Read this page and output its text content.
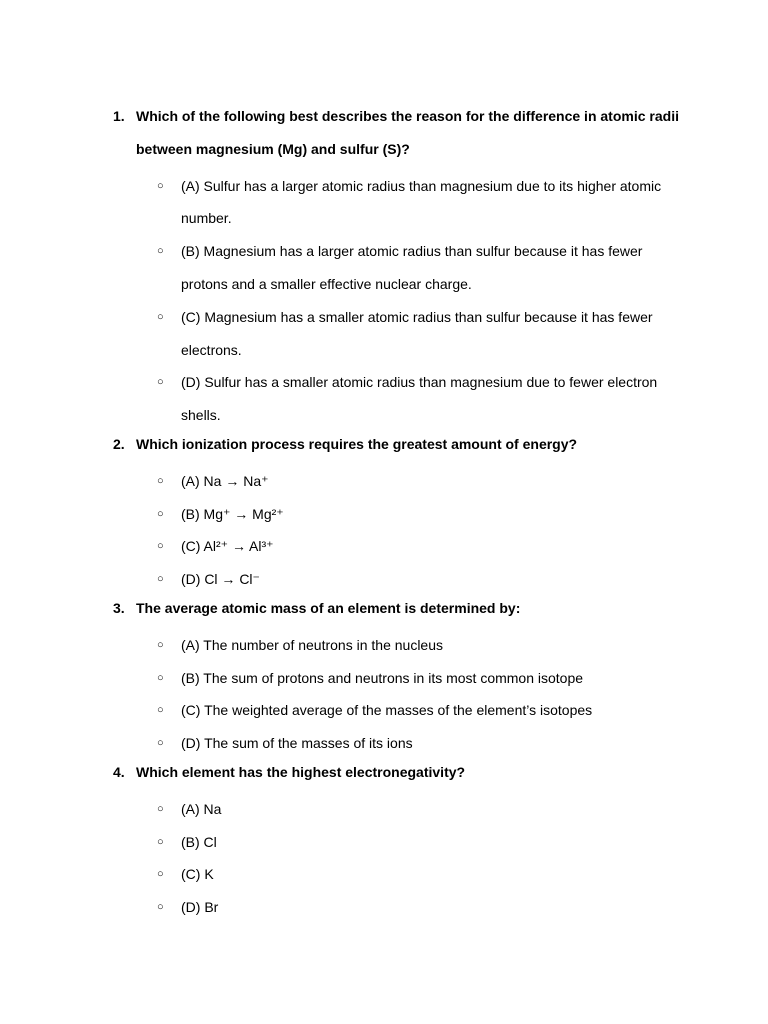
1. Which of the following best describes the reason for the difference in atomic radii
between magnesium (Mg) and sulfur (S)?
○ (A) Sulfur has a larger atomic radius than magnesium due to its higher atomic
number.
○ (B) Magnesium has a larger atomic radius than sulfur because it has fewer
protons and a smaller effective nuclear charge.
○ (C) Magnesium has a smaller atomic radius than sulfur because it has fewer
electrons.
○ (D) Sulfur has a smaller atomic radius than magnesium due to fewer electron
shells.
2. Which ionization process requires the greatest amount of energy?
○ (A) Na → Na⁺
○ (B) Mg⁺ → Mg²⁺
○ (C) Al²⁺ → Al³⁺
○ (D) Cl → Cl⁻
3. The average atomic mass of an element is determined by:
○ (A) The number of neutrons in the nucleus
○ (B) The sum of protons and neutrons in its most common isotope
○ (C) The weighted average of the masses of the element’s isotopes
○ (D) The sum of the masses of its ions
4. Which element has the highest electronegativity?
○ (A) Na
○ (B) Cl
○ (C) K
○ (D) Br
